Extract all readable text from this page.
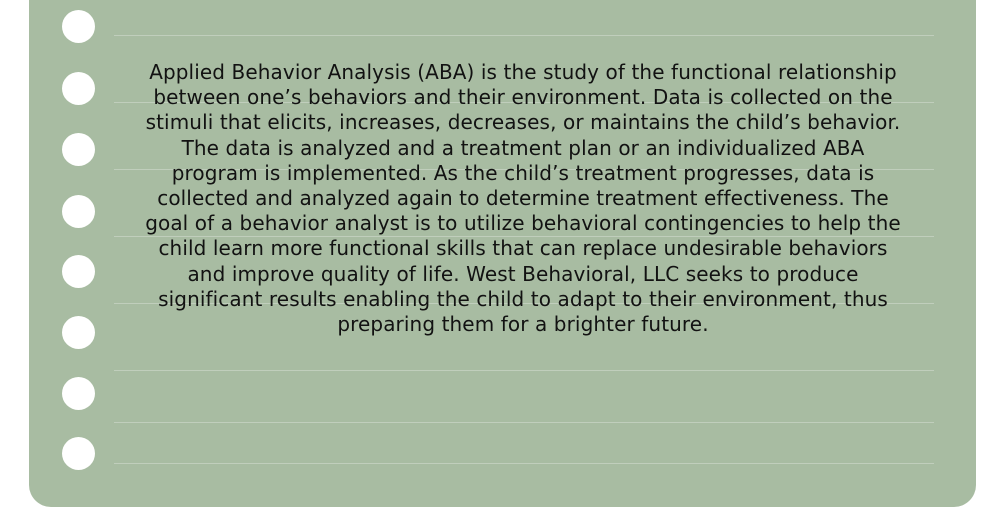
Applied Behavior Analysis (ABA) is the study of the functional relationship
between one’s behaviors and their environment. Data is collected on the
stimuli that elicits, increases, decreases, or maintains the child’s behavior.
The data is analyzed and a treatment plan or an individualized ABA
program is implemented. As the child’s treatment progresses, data is
collected and analyzed again to determine treatment effectiveness. The
goal of a behavior analyst is to utilize behavioral contingencies to help the
child learn more functional skills that can replace undesirable behaviors
and improve quality of life. West Behavioral, LLC seeks to produce
significant results enabling the child to adapt to their environment, thus
preparing them for a brighter future.
